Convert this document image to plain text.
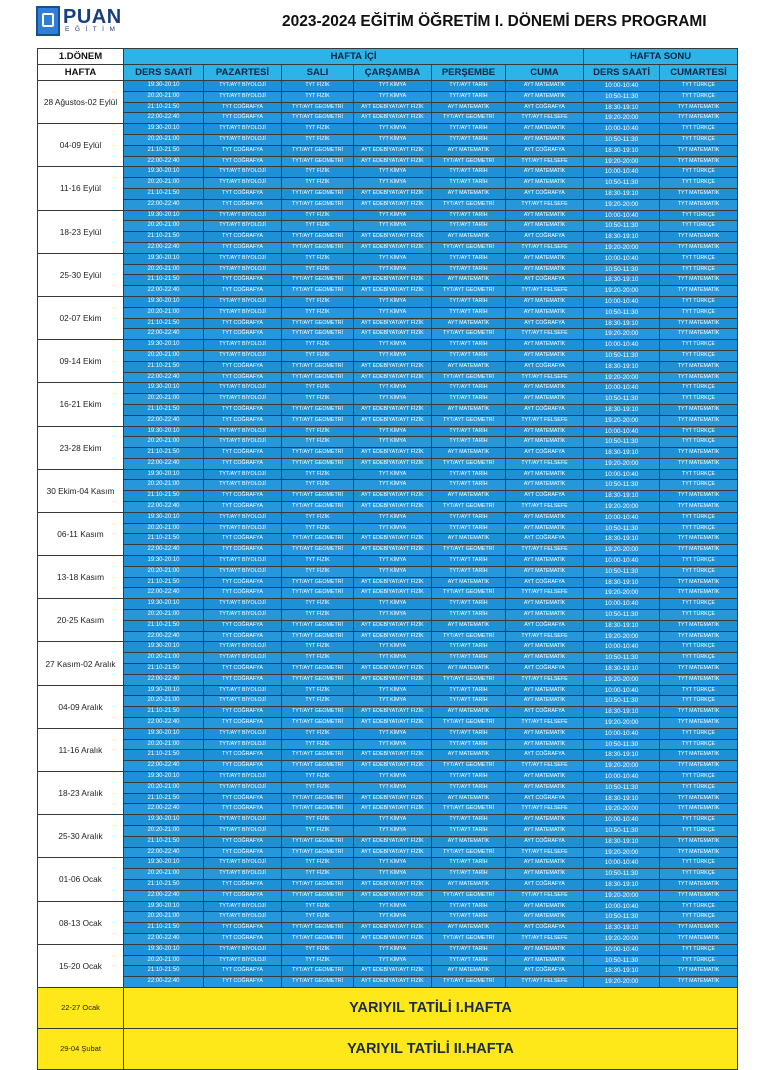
PUAN
EĞİTİM	2023-2024 EĞİTİM ÖĞRETİM I. DÖNEMİ DERS PROGRAMI
1.DÖNEM	HAFTA İÇİ						HAFTA SONU	
HAFTA	DERS SAATİ	PAZARTESİ	SALI	ÇARŞAMBA	PERŞEMBE	CUMA	DERS SAATİ	CUMARTESİ
28 Ağustos-02 Eylül	19:30-20:10	TYT/AYT BİYOLOJİ	TYT FİZİK	TYT KİMYA	TYT/AYT TARİH	AYT MATEMATİK	10:00-10:40	TYT TÜRKÇE
	20:20-21:00	TYT/AYT BİYOLOJİ	TYT FİZİK	TYT KİMYA	TYT/AYT TARİH	AYT MATEMATİK	10:50-11:30	TYT TÜRKÇE
	21:10-21:50	TYT COĞRAFYA	TYT/AYT GEOMETRİ	AYT EDEBİYAT/AYT FİZİK	AYT MATEMATİK	AYT COĞRAFYA	18:30-19:10	TYT MATEMATİK
	22:00-22:40	TYT COĞRAFYA	TYT/AYT GEOMETRİ	AYT EDEBİYAT/AYT FİZİK	TYT/AYT GEOMETRİ	TYT/AYT FELSEFE	19:20-20:00	TYT MATEMATİK
04-09 Eylül	19:30-20:10	TYT/AYT BİYOLOJİ	TYT FİZİK	TYT KİMYA	TYT/AYT TARİH	AYT MATEMATİK	10:00-10:40	TYT TÜRKÇE
	20:20-21:00	TYT/AYT BİYOLOJİ	TYT FİZİK	TYT KİMYA	TYT/AYT TARİH	AYT MATEMATİK	10:50-11:30	TYT TÜRKÇE
	21:10-21:50	TYT COĞRAFYA	TYT/AYT GEOMETRİ	AYT EDEBİYAT/AYT FİZİK	AYT MATEMATİK	AYT COĞRAFYA	18:30-19:10	TYT MATEMATİK
	22:00-22:40	TYT COĞRAFYA	TYT/AYT GEOMETRİ	AYT EDEBİYAT/AYT FİZİK	TYT/AYT GEOMETRİ	TYT/AYT FELSEFE	19:20-20:00	TYT MATEMATİK
11-16 Eylül	19:30-20:10	TYT/AYT BİYOLOJİ	TYT FİZİK	TYT KİMYA	TYT/AYT TARİH	AYT MATEMATİK	10:00-10:40	TYT TÜRKÇE
	20:20-21:00	TYT/AYT BİYOLOJİ	TYT FİZİK	TYT KİMYA	TYT/AYT TARİH	AYT MATEMATİK	10:50-11:30	TYT TÜRKÇE
	21:10-21:50	TYT COĞRAFYA	TYT/AYT GEOMETRİ	AYT EDEBİYAT/AYT FİZİK	AYT MATEMATİK	AYT COĞRAFYA	18:30-19:10	TYT MATEMATİK
	22:00-22:40	TYT COĞRAFYA	TYT/AYT GEOMETRİ	AYT EDEBİYAT/AYT FİZİK	TYT/AYT GEOMETRİ	TYT/AYT FELSEFE	19:20-20:00	TYT MATEMATİK
18-23 Eylül	19:30-20:10	TYT/AYT BİYOLOJİ	TYT FİZİK	TYT KİMYA	TYT/AYT TARİH	AYT MATEMATİK	10:00-10:40	TYT TÜRKÇE
	20:20-21:00	TYT/AYT BİYOLOJİ	TYT FİZİK	TYT KİMYA	TYT/AYT TARİH	AYT MATEMATİK	10:50-11:30	TYT TÜRKÇE
	21:10-21:50	TYT COĞRAFYA	TYT/AYT GEOMETRİ	AYT EDEBİYAT/AYT FİZİK	AYT MATEMATİK	AYT COĞRAFYA	18:30-19:10	TYT MATEMATİK
	22:00-22:40	TYT COĞRAFYA	TYT/AYT GEOMETRİ	AYT EDEBİYAT/AYT FİZİK	TYT/AYT GEOMETRİ	TYT/AYT FELSEFE	19:20-20:00	TYT MATEMATİK
25-30 Eylül	19:30-20:10	TYT/AYT BİYOLOJİ	TYT FİZİK	TYT KİMYA	TYT/AYT TARİH	AYT MATEMATİK	10:00-10:40	TYT TÜRKÇE
	20:20-21:00	TYT/AYT BİYOLOJİ	TYT FİZİK	TYT KİMYA	TYT/AYT TARİH	AYT MATEMATİK	10:50-11:30	TYT TÜRKÇE
	21:10-21:50	TYT COĞRAFYA	TYT/AYT GEOMETRİ	AYT EDEBİYAT/AYT FİZİK	AYT MATEMATİK	AYT COĞRAFYA	18:30-19:10	TYT MATEMATİK
	22:00-22:40	TYT COĞRAFYA	TYT/AYT GEOMETRİ	AYT EDEBİYAT/AYT FİZİK	TYT/AYT GEOMETRİ	TYT/AYT FELSEFE	19:20-20:00	TYT MATEMATİK
02-07 Ekim	19:30-20:10	TYT/AYT BİYOLOJİ	TYT FİZİK	TYT KİMYA	TYT/AYT TARİH	AYT MATEMATİK	10:00-10:40	TYT TÜRKÇE
	20:20-21:00	TYT/AYT BİYOLOJİ	TYT FİZİK	TYT KİMYA	TYT/AYT TARİH	AYT MATEMATİK	10:50-11:30	TYT TÜRKÇE
	21:10-21:50	TYT COĞRAFYA	TYT/AYT GEOMETRİ	AYT EDEBİYAT/AYT FİZİK	AYT MATEMATİK	AYT COĞRAFYA	18:30-19:10	TYT MATEMATİK
	22:00-22:40	TYT COĞRAFYA	TYT/AYT GEOMETRİ	AYT EDEBİYAT/AYT FİZİK	TYT/AYT GEOMETRİ	TYT/AYT FELSEFE	19:20-20:00	TYT MATEMATİK
09-14 Ekim	19:30-20:10	TYT/AYT BİYOLOJİ	TYT FİZİK	TYT KİMYA	TYT/AYT TARİH	AYT MATEMATİK	10:00-10:40	TYT TÜRKÇE
	20:20-21:00	TYT/AYT BİYOLOJİ	TYT FİZİK	TYT KİMYA	TYT/AYT TARİH	AYT MATEMATİK	10:50-11:30	TYT TÜRKÇE
	21:10-21:50	TYT COĞRAFYA	TYT/AYT GEOMETRİ	AYT EDEBİYAT/AYT FİZİK	AYT MATEMATİK	AYT COĞRAFYA	18:30-19:10	TYT MATEMATİK
	22:00-22:40	TYT COĞRAFYA	TYT/AYT GEOMETRİ	AYT EDEBİYAT/AYT FİZİK	TYT/AYT GEOMETRİ	TYT/AYT FELSEFE	19:20-20:00	TYT MATEMATİK
16-21 Ekim	19:30-20:10	TYT/AYT BİYOLOJİ	TYT FİZİK	TYT KİMYA	TYT/AYT TARİH	AYT MATEMATİK	10:00-10:40	TYT TÜRKÇE
	20:20-21:00	TYT/AYT BİYOLOJİ	TYT FİZİK	TYT KİMYA	TYT/AYT TARİH	AYT MATEMATİK	10:50-11:30	TYT TÜRKÇE
	21:10-21:50	TYT COĞRAFYA	TYT/AYT GEOMETRİ	AYT EDEBİYAT/AYT FİZİK	AYT MATEMATİK	AYT COĞRAFYA	18:30-19:10	TYT MATEMATİK
	22:00-22:40	TYT COĞRAFYA	TYT/AYT GEOMETRİ	AYT EDEBİYAT/AYT FİZİK	TYT/AYT GEOMETRİ	TYT/AYT FELSEFE	19:20-20:00	TYT MATEMATİK
23-28 Ekim	19:30-20:10	TYT/AYT BİYOLOJİ	TYT FİZİK	TYT KİMYA	TYT/AYT TARİH	AYT MATEMATİK	10:00-10:40	TYT TÜRKÇE
	20:20-21:00	TYT/AYT BİYOLOJİ	TYT FİZİK	TYT KİMYA	TYT/AYT TARİH	AYT MATEMATİK	10:50-11:30	TYT TÜRKÇE
	21:10-21:50	TYT COĞRAFYA	TYT/AYT GEOMETRİ	AYT EDEBİYAT/AYT FİZİK	AYT MATEMATİK	AYT COĞRAFYA	18:30-19:10	TYT MATEMATİK
	22:00-22:40	TYT COĞRAFYA	TYT/AYT GEOMETRİ	AYT EDEBİYAT/AYT FİZİK	TYT/AYT GEOMETRİ	TYT/AYT FELSEFE	19:20-20:00	TYT MATEMATİK
30 Ekim-04 Kasım	19:30-20:10	TYT/AYT BİYOLOJİ	TYT FİZİK	TYT KİMYA	TYT/AYT TARİH	AYT MATEMATİK	10:00-10:40	TYT TÜRKÇE
	20:20-21:00	TYT/AYT BİYOLOJİ	TYT FİZİK	TYT KİMYA	TYT/AYT TARİH	AYT MATEMATİK	10:50-11:30	TYT TÜRKÇE
	21:10-21:50	TYT COĞRAFYA	TYT/AYT GEOMETRİ	AYT EDEBİYAT/AYT FİZİK	AYT MATEMATİK	AYT COĞRAFYA	18:30-19:10	TYT MATEMATİK
	22:00-22:40	TYT COĞRAFYA	TYT/AYT GEOMETRİ	AYT EDEBİYAT/AYT FİZİK	TYT/AYT GEOMETRİ	TYT/AYT FELSEFE	19:20-20:00	TYT MATEMATİK
06-11 Kasım	19:30-20:10	TYT/AYT BİYOLOJİ	TYT FİZİK	TYT KİMYA	TYT/AYT TARİH	AYT MATEMATİK	10:00-10:40	TYT TÜRKÇE
	20:20-21:00	TYT/AYT BİYOLOJİ	TYT FİZİK	TYT KİMYA	TYT/AYT TARİH	AYT MATEMATİK	10:50-11:30	TYT TÜRKÇE
	21:10-21:50	TYT COĞRAFYA	TYT/AYT GEOMETRİ	AYT EDEBİYAT/AYT FİZİK	AYT MATEMATİK	AYT COĞRAFYA	18:30-19:10	TYT MATEMATİK
	22:00-22:40	TYT COĞRAFYA	TYT/AYT GEOMETRİ	AYT EDEBİYAT/AYT FİZİK	TYT/AYT GEOMETRİ	TYT/AYT FELSEFE	19:20-20:00	TYT MATEMATİK
13-18 Kasım	19:30-20:10	TYT/AYT BİYOLOJİ	TYT FİZİK	TYT KİMYA	TYT/AYT TARİH	AYT MATEMATİK	10:00-10:40	TYT TÜRKÇE
	20:20-21:00	TYT/AYT BİYOLOJİ	TYT FİZİK	TYT KİMYA	TYT/AYT TARİH	AYT MATEMATİK	10:50-11:30	TYT TÜRKÇE
	21:10-21:50	TYT COĞRAFYA	TYT/AYT GEOMETRİ	AYT EDEBİYAT/AYT FİZİK	AYT MATEMATİK	AYT COĞRAFYA	18:30-19:10	TYT MATEMATİK
	22:00-22:40	TYT COĞRAFYA	TYT/AYT GEOMETRİ	AYT EDEBİYAT/AYT FİZİK	TYT/AYT GEOMETRİ	TYT/AYT FELSEFE	19:20-20:00	TYT MATEMATİK
20-25 Kasım	19:30-20:10	TYT/AYT BİYOLOJİ	TYT FİZİK	TYT KİMYA	TYT/AYT TARİH	AYT MATEMATİK	10:00-10:40	TYT TÜRKÇE
	20:20-21:00	TYT/AYT BİYOLOJİ	TYT FİZİK	TYT KİMYA	TYT/AYT TARİH	AYT MATEMATİK	10:50-11:30	TYT TÜRKÇE
	21:10-21:50	TYT COĞRAFYA	TYT/AYT GEOMETRİ	AYT EDEBİYAT/AYT FİZİK	AYT MATEMATİK	AYT COĞRAFYA	18:30-19:10	TYT MATEMATİK
	22:00-22:40	TYT COĞRAFYA	TYT/AYT GEOMETRİ	AYT EDEBİYAT/AYT FİZİK	TYT/AYT GEOMETRİ	TYT/AYT FELSEFE	19:20-20:00	TYT MATEMATİK
27 Kasım-02 Aralık	19:30-20:10	TYT/AYT BİYOLOJİ	TYT FİZİK	TYT KİMYA	TYT/AYT TARİH	AYT MATEMATİK	10:00-10:40	TYT TÜRKÇE
	20:20-21:00	TYT/AYT BİYOLOJİ	TYT FİZİK	TYT KİMYA	TYT/AYT TARİH	AYT MATEMATİK	10:50-11:30	TYT TÜRKÇE
	21:10-21:50	TYT COĞRAFYA	TYT/AYT GEOMETRİ	AYT EDEBİYAT/AYT FİZİK	AYT MATEMATİK	AYT COĞRAFYA	18:30-19:10	TYT MATEMATİK
	22:00-22:40	TYT COĞRAFYA	TYT/AYT GEOMETRİ	AYT EDEBİYAT/AYT FİZİK	TYT/AYT GEOMETRİ	TYT/AYT FELSEFE	19:20-20:00	TYT MATEMATİK
04-09 Aralık	19:30-20:10	TYT/AYT BİYOLOJİ	TYT FİZİK	TYT KİMYA	TYT/AYT TARİH	AYT MATEMATİK	10:00-10:40	TYT TÜRKÇE
	20:20-21:00	TYT/AYT BİYOLOJİ	TYT FİZİK	TYT KİMYA	TYT/AYT TARİH	AYT MATEMATİK	10:50-11:30	TYT TÜRKÇE
	21:10-21:50	TYT COĞRAFYA	TYT/AYT GEOMETRİ	AYT EDEBİYAT/AYT FİZİK	AYT MATEMATİK	AYT COĞRAFYA	18:30-19:10	TYT MATEMATİK
	22:00-22:40	TYT COĞRAFYA	TYT/AYT GEOMETRİ	AYT EDEBİYAT/AYT FİZİK	TYT/AYT GEOMETRİ	TYT/AYT FELSEFE	19:20-20:00	TYT MATEMATİK
11-16 Aralık	19:30-20:10	TYT/AYT BİYOLOJİ	TYT FİZİK	TYT KİMYA	TYT/AYT TARİH	AYT MATEMATİK	10:00-10:40	TYT TÜRKÇE
	20:20-21:00	TYT/AYT BİYOLOJİ	TYT FİZİK	TYT KİMYA	TYT/AYT TARİH	AYT MATEMATİK	10:50-11:30	TYT TÜRKÇE
	21:10-21:50	TYT COĞRAFYA	TYT/AYT GEOMETRİ	AYT EDEBİYAT/AYT FİZİK	AYT MATEMATİK	AYT COĞRAFYA	18:30-19:10	TYT MATEMATİK
	22:00-22:40	TYT COĞRAFYA	TYT/AYT GEOMETRİ	AYT EDEBİYAT/AYT FİZİK	TYT/AYT GEOMETRİ	TYT/AYT FELSEFE	19:20-20:00	TYT MATEMATİK
18-23 Aralık	19:30-20:10	TYT/AYT BİYOLOJİ	TYT FİZİK	TYT KİMYA	TYT/AYT TARİH	AYT MATEMATİK	10:00-10:40	TYT TÜRKÇE
	20:20-21:00	TYT/AYT BİYOLOJİ	TYT FİZİK	TYT KİMYA	TYT/AYT TARİH	AYT MATEMATİK	10:50-11:30	TYT TÜRKÇE
	21:10-21:50	TYT COĞRAFYA	TYT/AYT GEOMETRİ	AYT EDEBİYAT/AYT FİZİK	AYT MATEMATİK	AYT COĞRAFYA	18:30-19:10	TYT MATEMATİK
	22:00-22:40	TYT COĞRAFYA	TYT/AYT GEOMETRİ	AYT EDEBİYAT/AYT FİZİK	TYT/AYT GEOMETRİ	TYT/AYT FELSEFE	19:20-20:00	TYT MATEMATİK
25-30 Aralık	19:30-20:10	TYT/AYT BİYOLOJİ	TYT FİZİK	TYT KİMYA	TYT/AYT TARİH	AYT MATEMATİK	10:00-10:40	TYT TÜRKÇE
	20:20-21:00	TYT/AYT BİYOLOJİ	TYT FİZİK	TYT KİMYA	TYT/AYT TARİH	AYT MATEMATİK	10:50-11:30	TYT TÜRKÇE
	21:10-21:50	TYT COĞRAFYA	TYT/AYT GEOMETRİ	AYT EDEBİYAT/AYT FİZİK	AYT MATEMATİK	AYT COĞRAFYA	18:30-19:10	TYT MATEMATİK
	22:00-22:40	TYT COĞRAFYA	TYT/AYT GEOMETRİ	AYT EDEBİYAT/AYT FİZİK	TYT/AYT GEOMETRİ	TYT/AYT FELSEFE	19:20-20:00	TYT MATEMATİK
01-06 Ocak	19:30-20:10	TYT/AYT BİYOLOJİ	TYT FİZİK	TYT KİMYA	TYT/AYT TARİH	AYT MATEMATİK	10:00-10:40	TYT TÜRKÇE
	20:20-21:00	TYT/AYT BİYOLOJİ	TYT FİZİK	TYT KİMYA	TYT/AYT TARİH	AYT MATEMATİK	10:50-11:30	TYT TÜRKÇE
	21:10-21:50	TYT COĞRAFYA	TYT/AYT GEOMETRİ	AYT EDEBİYAT/AYT FİZİK	AYT MATEMATİK	AYT COĞRAFYA	18:30-19:10	TYT MATEMATİK
	22:00-22:40	TYT COĞRAFYA	TYT/AYT GEOMETRİ	AYT EDEBİYAT/AYT FİZİK	TYT/AYT GEOMETRİ	TYT/AYT FELSEFE	19:20-20:00	TYT MATEMATİK
08-13 Ocak	19:30-20:10	TYT/AYT BİYOLOJİ	TYT FİZİK	TYT KİMYA	TYT/AYT TARİH	AYT MATEMATİK	10:00-10:40	TYT TÜRKÇE
	20:20-21:00	TYT/AYT BİYOLOJİ	TYT FİZİK	TYT KİMYA	TYT/AYT TARİH	AYT MATEMATİK	10:50-11:30	TYT TÜRKÇE
	21:10-21:50	TYT COĞRAFYA	TYT/AYT GEOMETRİ	AYT EDEBİYAT/AYT FİZİK	AYT MATEMATİK	AYT COĞRAFYA	18:30-19:10	TYT MATEMATİK
	22:00-22:40	TYT COĞRAFYA	TYT/AYT GEOMETRİ	AYT EDEBİYAT/AYT FİZİK	TYT/AYT GEOMETRİ	TYT/AYT FELSEFE	19:20-20:00	TYT MATEMATİK
15-20 Ocak	19:30-20:10	TYT/AYT BİYOLOJİ	TYT FİZİK	TYT KİMYA	TYT/AYT TARİH	AYT MATEMATİK	10:00-10:40	TYT TÜRKÇE
	20:20-21:00	TYT/AYT BİYOLOJİ	TYT FİZİK	TYT KİMYA	TYT/AYT TARİH	AYT MATEMATİK	10:50-11:30	TYT TÜRKÇE
	21:10-21:50	TYT COĞRAFYA	TYT/AYT GEOMETRİ	AYT EDEBİYAT/AYT FİZİK	AYT MATEMATİK	AYT COĞRAFYA	18:30-19:10	TYT MATEMATİK
	22:00-22:40	TYT COĞRAFYA	TYT/AYT GEOMETRİ	AYT EDEBİYAT/AYT FİZİK	TYT/AYT GEOMETRİ	TYT/AYT FELSEFE	19:20-20:00	TYT MATEMATİK
22-27 Ocak	YARIYIL TATİLİ I.HAFTA							
29-04 Şubat	YARIYIL TATİLİ II.HAFTA							
